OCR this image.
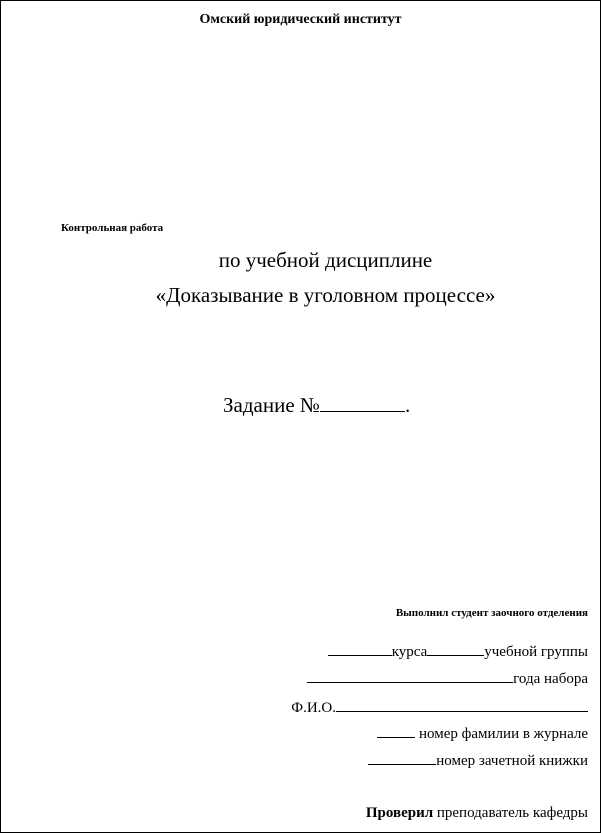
Омский юридический институт
Контрольная работа
по учебной дисциплине
«Доказывание в уголовном процессе»
Задание №	.
Выполнил студент заочного отделения
курса	учебной группы
года набора
Ф.И.О.
номер фамилии в журнале
номер зачетной книжки
Проверил преподаватель кафедры
